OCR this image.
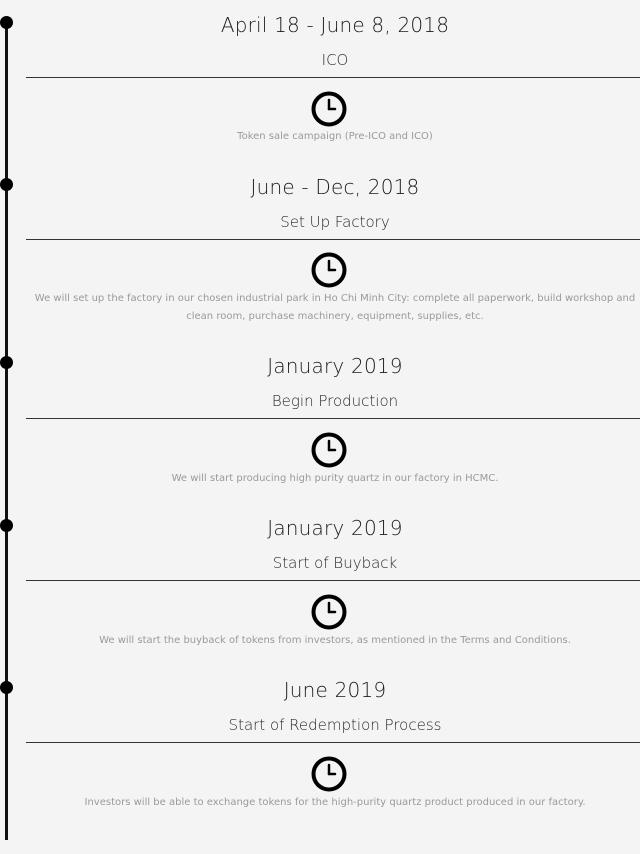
April 18 - June 8, 2018
ICO
Token sale campaign (Pre-ICO and ICO)
June - Dec, 2018
Set Up Factory
We will set up the factory in our chosen industrial park in Ho Chi Minh City: complete all paperwork, build workshop and clean room, purchase machinery, equipment, supplies, etc.
January 2019
Begin Production
We will start producing high purity quartz in our factory in HCMC.
January 2019
Start of Buyback
We will start the buyback of tokens from investors, as mentioned in the Terms and Conditions.
June 2019
Start of Redemption Process
Investors will be able to exchange tokens for the high-purity quartz product produced in our factory.
